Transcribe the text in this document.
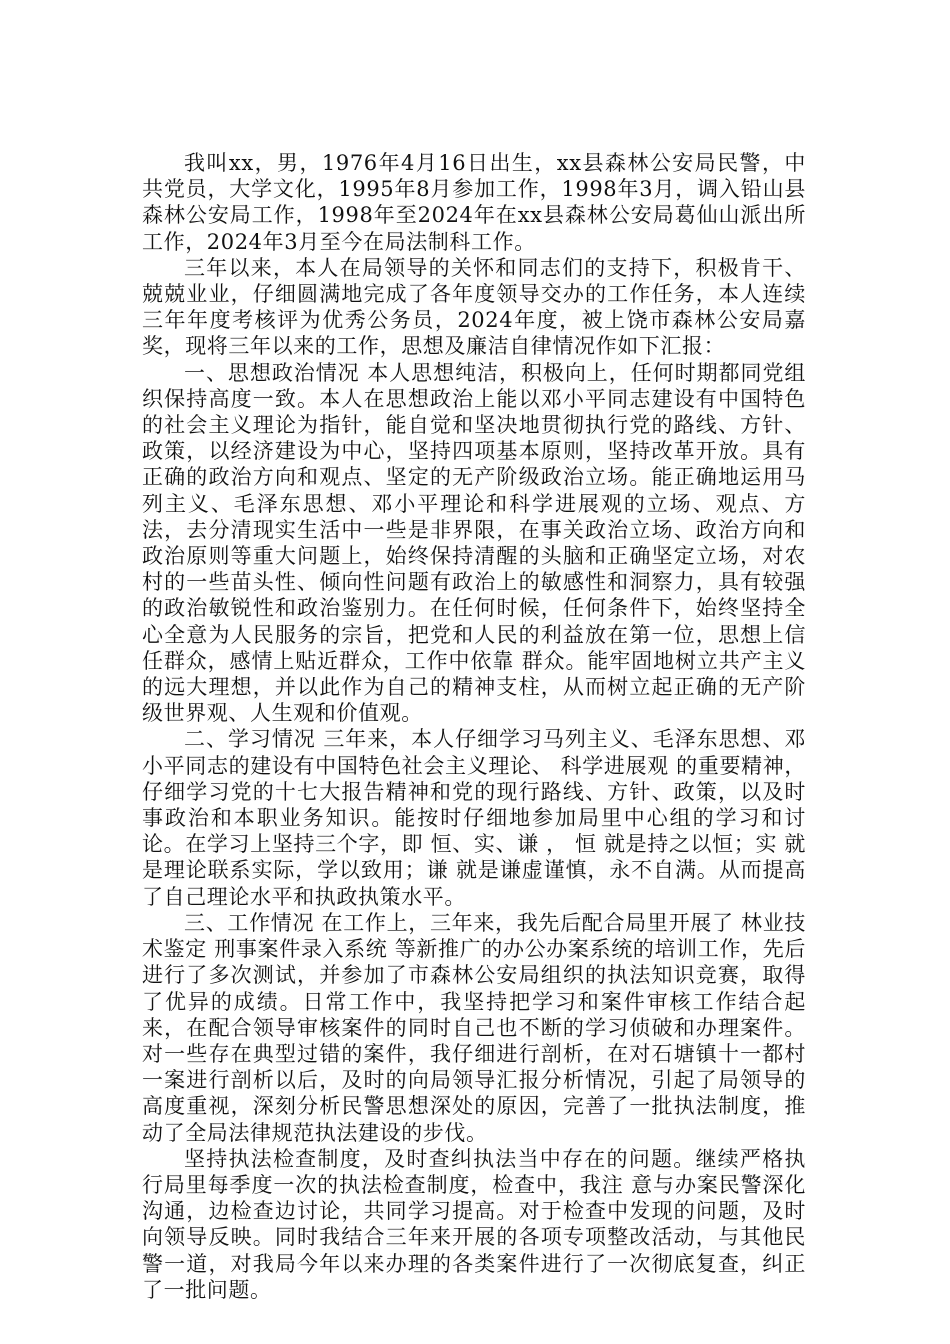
我叫xx，男，1976年4月16日出生，xx县森林公安局民警，中共党员，大学文化，1995年8月参加工作，1998年3月，调入铅山县森林公安局工作，1998年至2024年在xx县森林公安局葛仙山派出所工作，2024年3月至今在局法制科工作。

三年以来，本人在局领导的关怀和同志们的支持下，积极肯干、兢兢业业，仔细圆满地完成了各年度领导交办的工作任务，本人连续三年年度考核评为优秀公务员，2024年度，被上饶市森林公安局嘉奖，现将三年以来的工作，思想及廉洁自律情况作如下汇报：

一、思想政治情况 本人思想纯洁，积极向上，任何时期都同党组织保持高度一致。本人在思想政治上能以邓小平同志建设有中国特色的社会主义理论为指针，能自觉和坚决地贯彻执行党的路线、方针、政策，以经济建设为中心，坚持四项基本原则，坚持改革开放。具有正确的政治方向和观点、坚定的无产阶级政治立场。能正确地运用马列主义、毛泽东思想、邓小平理论和科学进展观的立场、观点、方法，去分清现实生活中一些是非界限，在事关政治立场、政治方向和政治原则等重大问题上，始终保持清醒的头脑和正确坚定立场，对农村的一些苗头性、倾向性问题有政治上的敏感性和洞察力，具有较强的政治敏锐性和政治鉴别力。在任何时候，任何条件下，始终坚持全心全意为人民服务的宗旨，把党和人民的利益放在第一位，思想上信任群众，感情上贴近群众，工作中依靠 群众。能牢固地树立共产主义的远大理想，并以此作为自己的精神支柱，从而树立起正确的无产阶级世界观、人生观和价值观。

二、学习情况 三年来，本人仔细学习马列主义、毛泽东思想、邓小平同志的建设有中国特色社会主义理论、 科学进展观 的重要精神，仔细学习党的十七大报告精神和党的现行路线、方针、政策，以及时事政治和本职业务知识。能按时仔细地参加局里中心组的学习和讨论。在学习上坚持三个字，即 恒、实、谦 ， 恒 就是持之以恒；实 就是理论联系实际，学以致用；谦 就是谦虚谨慎，永不自满。从而提高了自己理论水平和执政执策水平。

三、工作情况 在工作上，三年来，我先后配合局里开展了 林业技术鉴定 刑事案件录入系统 等新推广的办公办案系统的培训工作，先后进行了多次测试，并参加了市森林公安局组织的执法知识竞赛，取得了优异的成绩。日常工作中，我坚持把学习和案件审核工作结合起来，在配合领导审核案件的同时自己也不断的学习侦破和办理案件。对一些存在典型过错的案件，我仔细进行剖析，在对石塘镇十一都村一案进行剖析以后，及时的向局领导汇报分析情况，引起了局领导的高度重视，深刻分析民警思想深处的原因，完善了一批执法制度，推动了全局法律规范执法建设的步伐。

坚持执法检查制度，及时查纠执法当中存在的问题。继续严格执行局里每季度一次的执法检查制度，检查中，我注 意与办案民警深化沟通，边检查边讨论，共同学习提高。对于检查中发现的问题，及时向领导反映。同时我结合三年来开展的各项专项整改活动，与其他民警一道，对我局今年以来办理的各类案件进行了一次彻底复查，纠正了一批问题。
